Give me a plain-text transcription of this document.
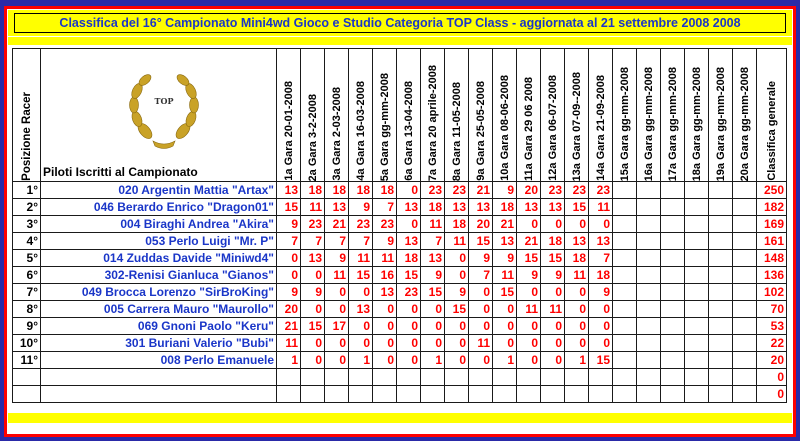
Classifica del 16° Campionato Mini4wd Gioco e Studio Categoria TOP Class - aggiornata al 21 settembre 2008 2008
Posizione Racer	TOP
Piloti Iscritti al Campionato	1a Gara 20-01-2008	2a Gara 3-2-2008	3a Gara 2-03-2008	4a Gara 16-03-2008	5a Gara gg-mm-2008	6a Gara 13-04-2008	7a Gara 20 aprile-2008	8a Gara 11-05-2008	9a Gara 25-05-2008	10a Gara 08-06-2008	11a Gara 29 06 2008	12a Gara 06-07-2008	13a Gara 07-09--2008	14a Gara 21-09-2008	15a Gara gg-mm-2008	16a Gara gg-mm-2008	17a Gara gg-mm-2008	18a Gara gg-mm-2008	19a Gara gg-mm-2008	20a Gara gg-mm-2008	Classifica generale

1°	020 Argentin Mattia "Artax"	13	18	18	18	18	0	23	23	21	9	20	23	23	23							250
2°	046 Berardo Enrico "Dragon01"	15	11	13	9	7	13	18	13	13	18	13	13	15	11							182
3°	004 Biraghi Andrea "Akira"	9	23	21	23	23	0	11	18	20	21	0	0	0	0							169
4°	053 Perlo Luigi "Mr. P"	7	7	7	7	9	13	7	11	15	13	21	18	13	13							161
5°	014 Zuddas Davide "Miniwd4"	0	13	9	11	11	18	13	0	9	9	15	15	18	7							148
6°	302-Renisi Gianluca "Gianos"	0	0	11	15	16	15	9	0	7	11	9	9	11	18							136
7°	049 Brocca Lorenzo "SirBroKing"	9	9	0	0	13	23	15	9	0	15	0	0	0	9							102
8°	005 Carrera Mauro "Maurollo"	20	0	0	13	0	0	0	15	0	0	11	11	0	0							70
9°	069 Gnoni Paolo "Keru"	21	15	17	0	0	0	0	0	0	0	0	0	0	0							53
10°	301 Buriani Valerio "Bubi"	11	0	0	0	0	0	0	0	11	0	0	0	0	0							22
11°	008 Perlo Emanuele	1	0	0	1	0	0	1	0	0	1	0	0	1	15							20
																						0
																						0
